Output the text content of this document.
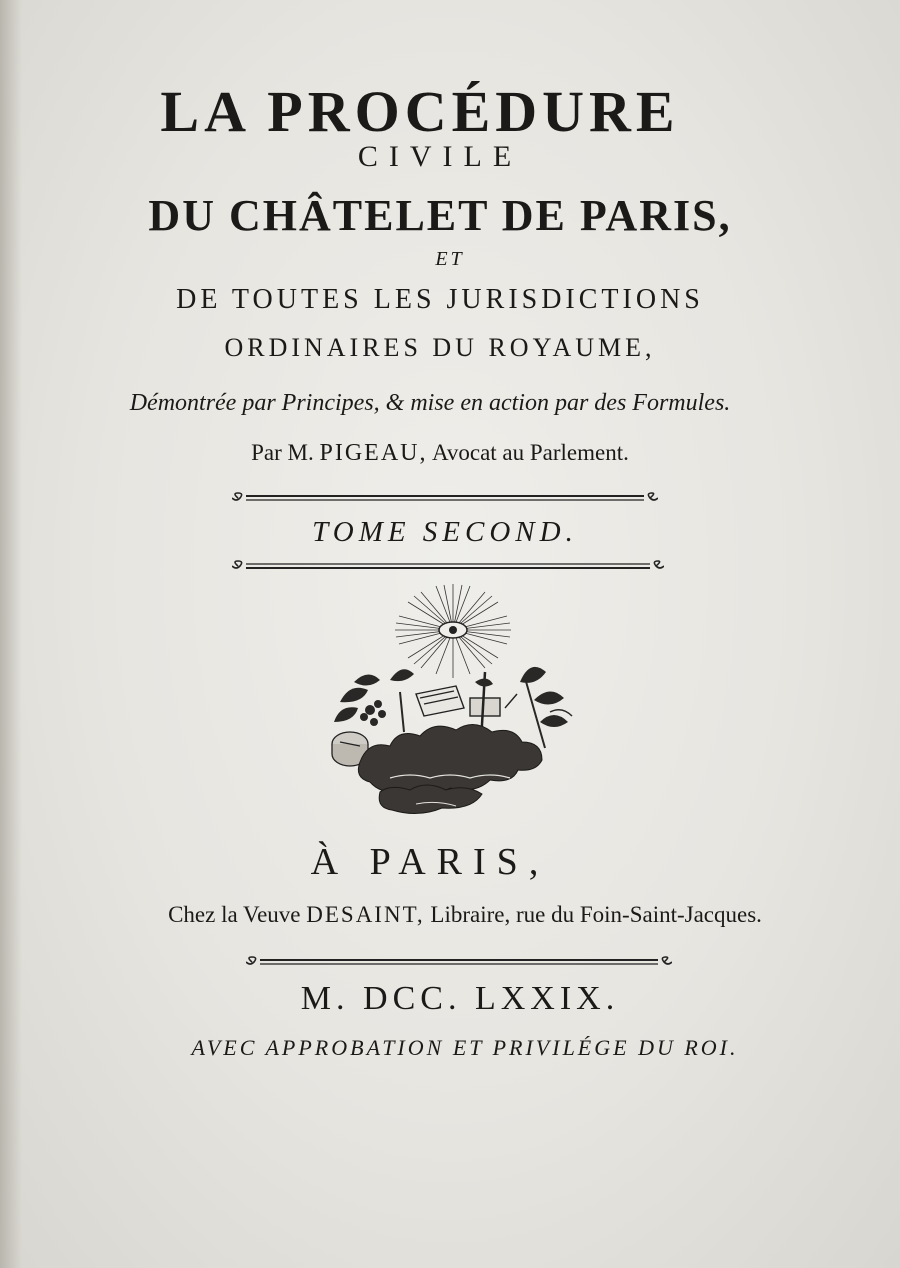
LA PROCÉDURE
CIVILE
DU CHÂTELET DE PARIS,
ET
DE TOUTES LES JURISDICTIONS
ORDINAIRES DU ROYAUME,
Démontrée par Principes, & mise en action par des Formules.
Par M. PIGEAU, Avocat au Parlement.
TOME SECOND.
À PARIS,
Chez la Veuve DESAINT, Libraire, rue du Foin-Saint-Jacques.
M. DCC. LXXIX.
AVEC APPROBATION ET PRIVILÉGE DU ROI.
